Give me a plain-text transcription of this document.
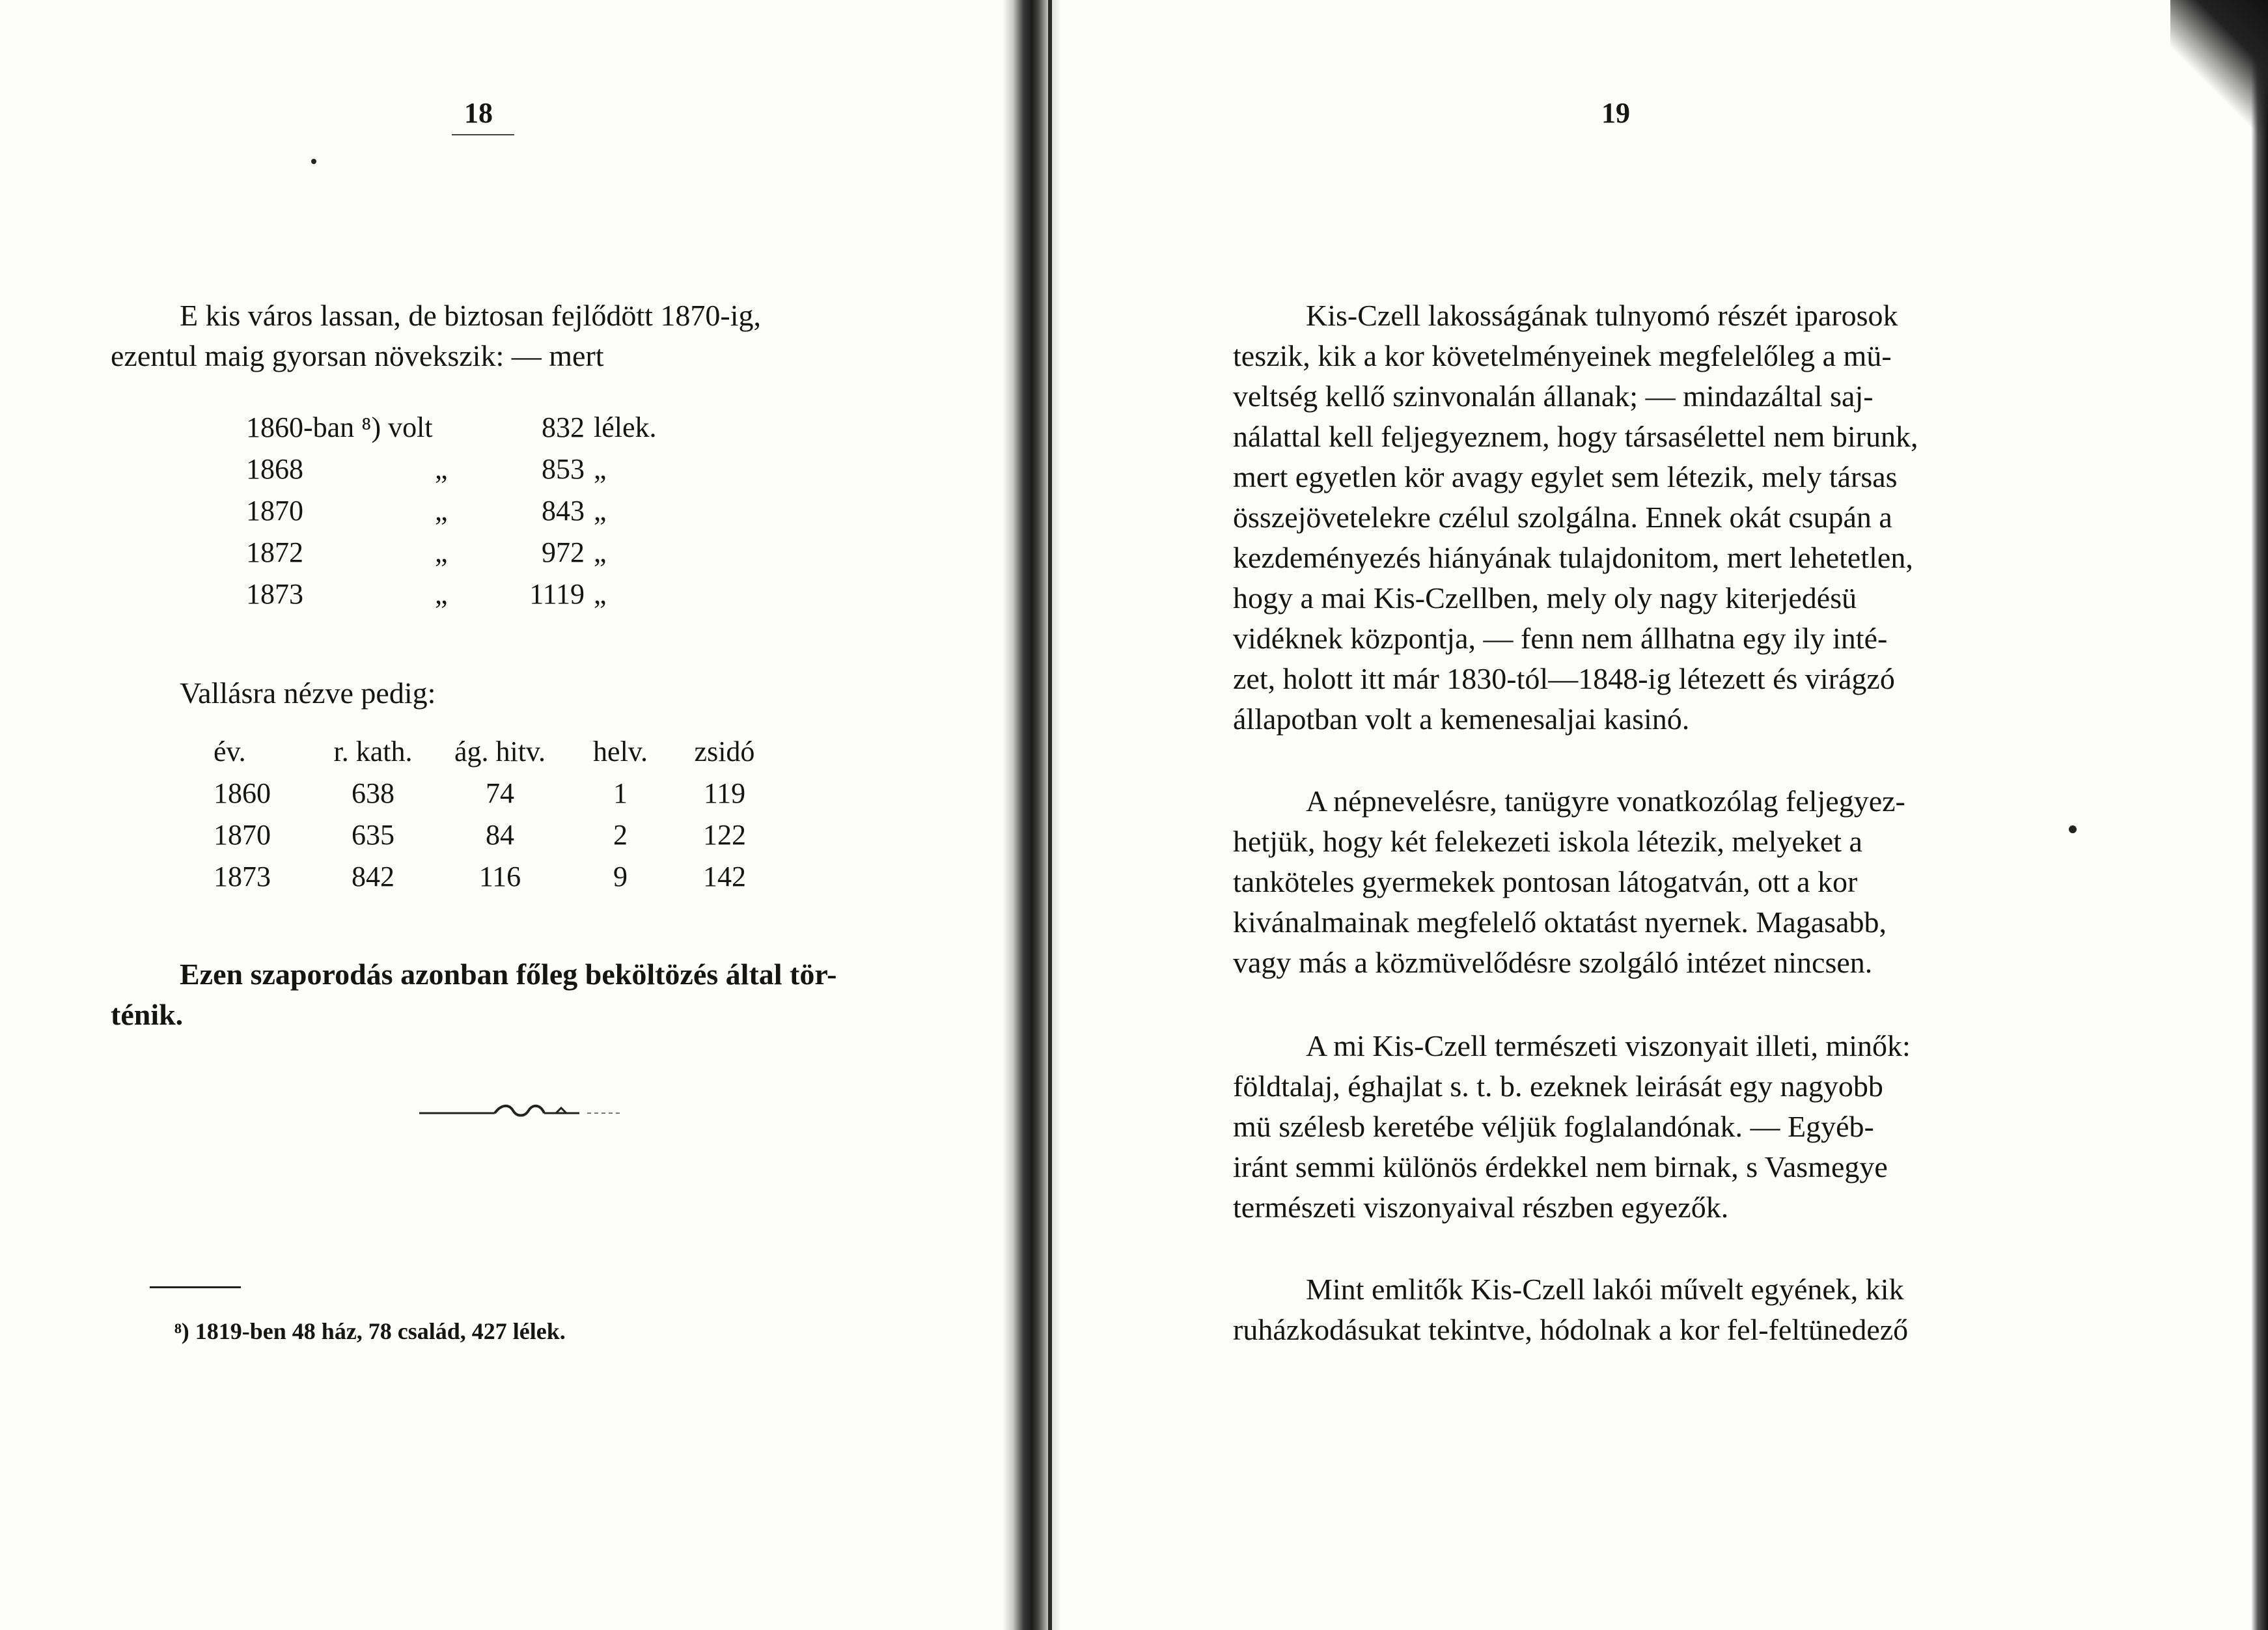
18
E kis város lassan, de biztosan fejlődött 1870-ig,
ezentul maig gyorsan növekszik: — mert
1860-ban ⁸) volt		832	lélek.
1868	„	853	„
1870	„	843	„
1872	„	972	„
1873	„	1119	„

Vallásra nézve pedig:

év.	r. kath.	ág. hitv.	helv.	zsidó
1860	638	74	1	119
1870	635	84	2	122
1873	842	116	9	142
Ezen szaporodás azonban főleg beköltözés által tör-
ténik.

⁸) 1819-ben 48 ház, 78 család, 427 lélek.

19
Kis-Czell lakosságának tulnyomó részét iparosok
teszik, kik a kor követelményeinek megfelelőleg a mü-
veltség kellő szinvonalán állanak; — mindazáltal saj-
nálattal kell feljegyeznem, hogy társasélettel nem birunk,
mert egyetlen kör avagy egylet sem létezik, mely társas
összejövetelekre czélul szolgálna. Ennek okát csupán a
kezdeményezés hiányának tulajdonitom, mert lehetetlen,
hogy a mai Kis-Czellben, mely oly nagy kiterjedésü
vidéknek központja, — fenn nem állhatna egy ily inté-
zet, holott itt már 1830-tól—1848-ig létezett és virágzó
állapotban volt a kemenesaljai kasinó.
A népnevelésre, tanügyre vonatkozólag feljegyez-
hetjük, hogy két felekezeti iskola létezik, melyeket a
tanköteles gyermekek pontosan látogatván, ott a kor
kivánalmainak megfelelő oktatást nyernek. Magasabb,
vagy más a közmüvelődésre szolgáló intézet nincsen.
A mi Kis-Czell természeti viszonyait illeti, minők:
földtalaj, éghajlat s. t. b. ezeknek leirását egy nagyobb
mü szélesb keretébe véljük foglalandónak. — Egyéb-
iránt semmi különös érdekkel nem birnak, s Vasmegye
természeti viszonyaival részben egyezők.
Mint emlitők Kis-Czell lakói művelt egyének, kik
ruházkodásukat tekintve, hódolnak a kor fel-feltünedező
